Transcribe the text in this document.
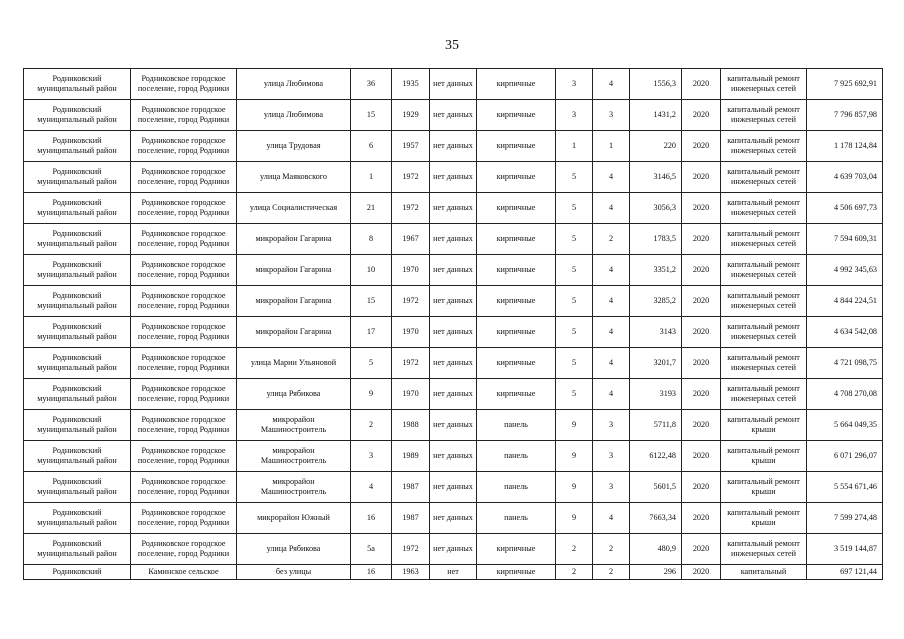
35
Родниковский муниципальный район	Родниковское городское поселение, город Родники	улица Любимова	36	1935	нет данных	кирпичные	3	4	1556,3	2020	капитальный ремонт инженерных сетей	7 925 692,91
Родниковский муниципальный район	Родниковское городское поселение, город Родники	улица Любимова	15	1929	нет данных	кирпичные	3	3	1431,2	2020	капитальный ремонт инженерных сетей	7 796 857,98
Родниковский муниципальный район	Родниковское городское поселение, город Родники	улица Трудовая	6	1957	нет данных	кирпичные	1	1	220	2020	капитальный ремонт инженерных сетей	1 178 124,84
Родниковский муниципальный район	Родниковское городское поселение, город Родники	улица Маяковского	1	1972	нет данных	кирпичные	5	4	3146,5	2020	капитальный ремонт инженерных сетей	4 639 703,04
Родниковский муниципальный район	Родниковское городское поселение, город Родники	улица Социалистическая	21	1972	нет данных	кирпичные	5	4	3056,3	2020	капитальный ремонт инженерных сетей	4 506 697,73
Родниковский муниципальный район	Родниковское городское поселение, город Родники	микрорайон Гагарина	8	1967	нет данных	кирпичные	5	2	1783,5	2020	капитальный ремонт инженерных сетей	7 594 609,31
Родниковский муниципальный район	Родниковское городское поселение, город Родники	микрорайон Гагарина	10	1970	нет данных	кирпичные	5	4	3351,2	2020	капитальный ремонт инженерных сетей	4 992 345,63
Родниковский муниципальный район	Родниковское городское поселение, город Родники	микрорайон Гагарина	15	1972	нет данных	кирпичные	5	4	3285,2	2020	капитальный ремонт инженерных сетей	4 844 224,51
Родниковский муниципальный район	Родниковское городское поселение, город Родники	микрорайон Гагарина	17	1970	нет данных	кирпичные	5	4	3143	2020	капитальный ремонт инженерных сетей	4 634 542,08
Родниковский муниципальный район	Родниковское городское поселение, город Родники	улица Марии Ульяновой	5	1972	нет данных	кирпичные	5	4	3201,7	2020	капитальный ремонт инженерных сетей	4 721 098,75
Родниковский муниципальный район	Родниковское городское поселение, город Родники	улица Рябикова	9	1970	нет данных	кирпичные	5	4	3193	2020	капитальный ремонт инженерных сетей	4 708 270,08
Родниковский муниципальный район	Родниковское городское поселение, город Родники	микрорайон Машиностроитель	2	1988	нет данных	панель	9	3	5711,8	2020	капитальный ремонт крыши	5 664 049,35
Родниковский муниципальный район	Родниковское городское поселение, город Родники	микрорайон Машиностроитель	3	1989	нет данных	панель	9	3	6122,48	2020	капитальный ремонт крыши	6 071 296,07
Родниковский муниципальный район	Родниковское городское поселение, город Родники	микрорайон Машиностроитель	4	1987	нет данных	панель	9	3	5601,5	2020	капитальный ремонт крыши	5 554 671,46
Родниковский муниципальный район	Родниковское городское поселение, город Родники	микрорайон Южный	16	1987	нет данных	панель	9	4	7663,34	2020	капитальный ремонт крыши	7 599 274,48
Родниковский муниципальный район	Родниковское городское поселение, город Родники	улица Рябикова	5а	1972	нет данных	кирпичные	2	2	480,9	2020	капитальный ремонт инженерных сетей	3 519 144,87
Родниковский	Каминское сельское	без улицы	16	1963	нет	кирпичные	2	2	296	2020	капитальный	697 121,44
